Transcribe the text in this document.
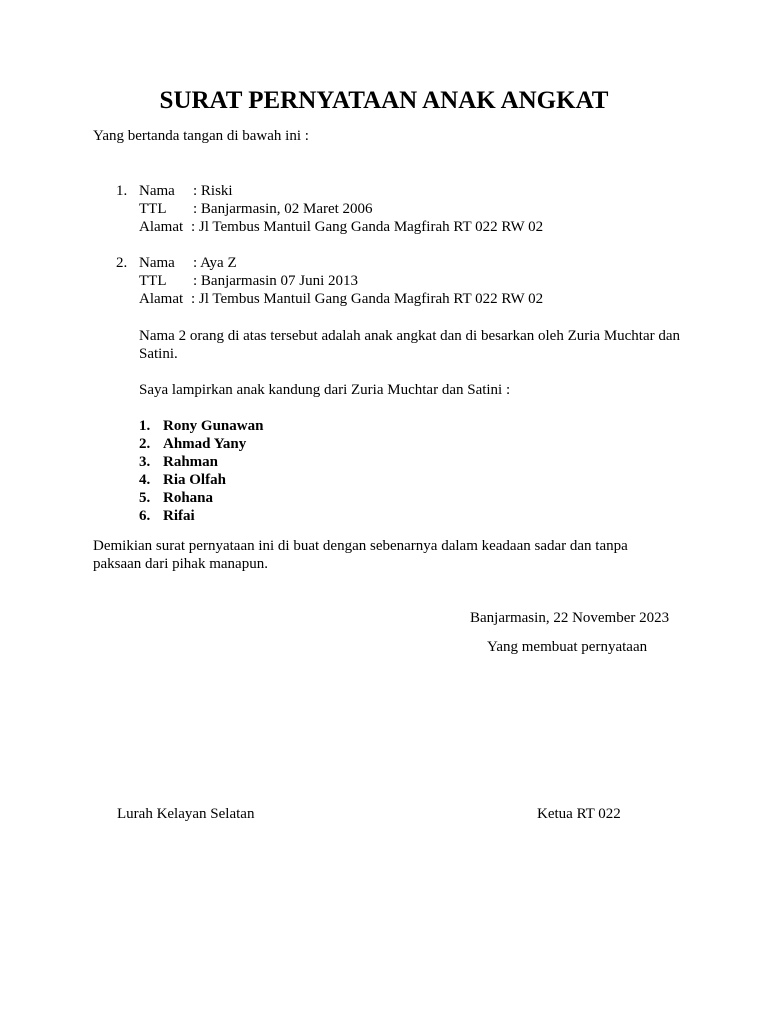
SURAT PERNYATAAN ANAK ANGKAT
Yang bertanda tangan di bawah ini :
1. Nama : Riski
TTL : Banjarmasin, 02 Maret 2006
Alamat : Jl Tembus Mantuil Gang Ganda Magfirah RT 022 RW 02
2. Nama : Aya Z
TTL : Banjarmasin 07 Juni 2013
Alamat : Jl Tembus Mantuil Gang Ganda Magfirah RT 022 RW 02
Nama 2 orang di atas tersebut adalah anak angkat dan di besarkan oleh Zuria Muchtar dan Satini.
Saya lampirkan anak kandung dari Zuria Muchtar dan Satini :
1. Rony Gunawan
2. Ahmad Yany
3. Rahman
4. Ria Olfah
5. Rohana
6. Rifai
Demikian surat pernyataan ini di buat dengan sebenarnya dalam keadaan sadar dan tanpa paksaan dari pihak manapun.
Banjarmasin, 22 November 2023
Yang membuat pernyataan
Lurah Kelayan Selatan	Ketua RT 022
